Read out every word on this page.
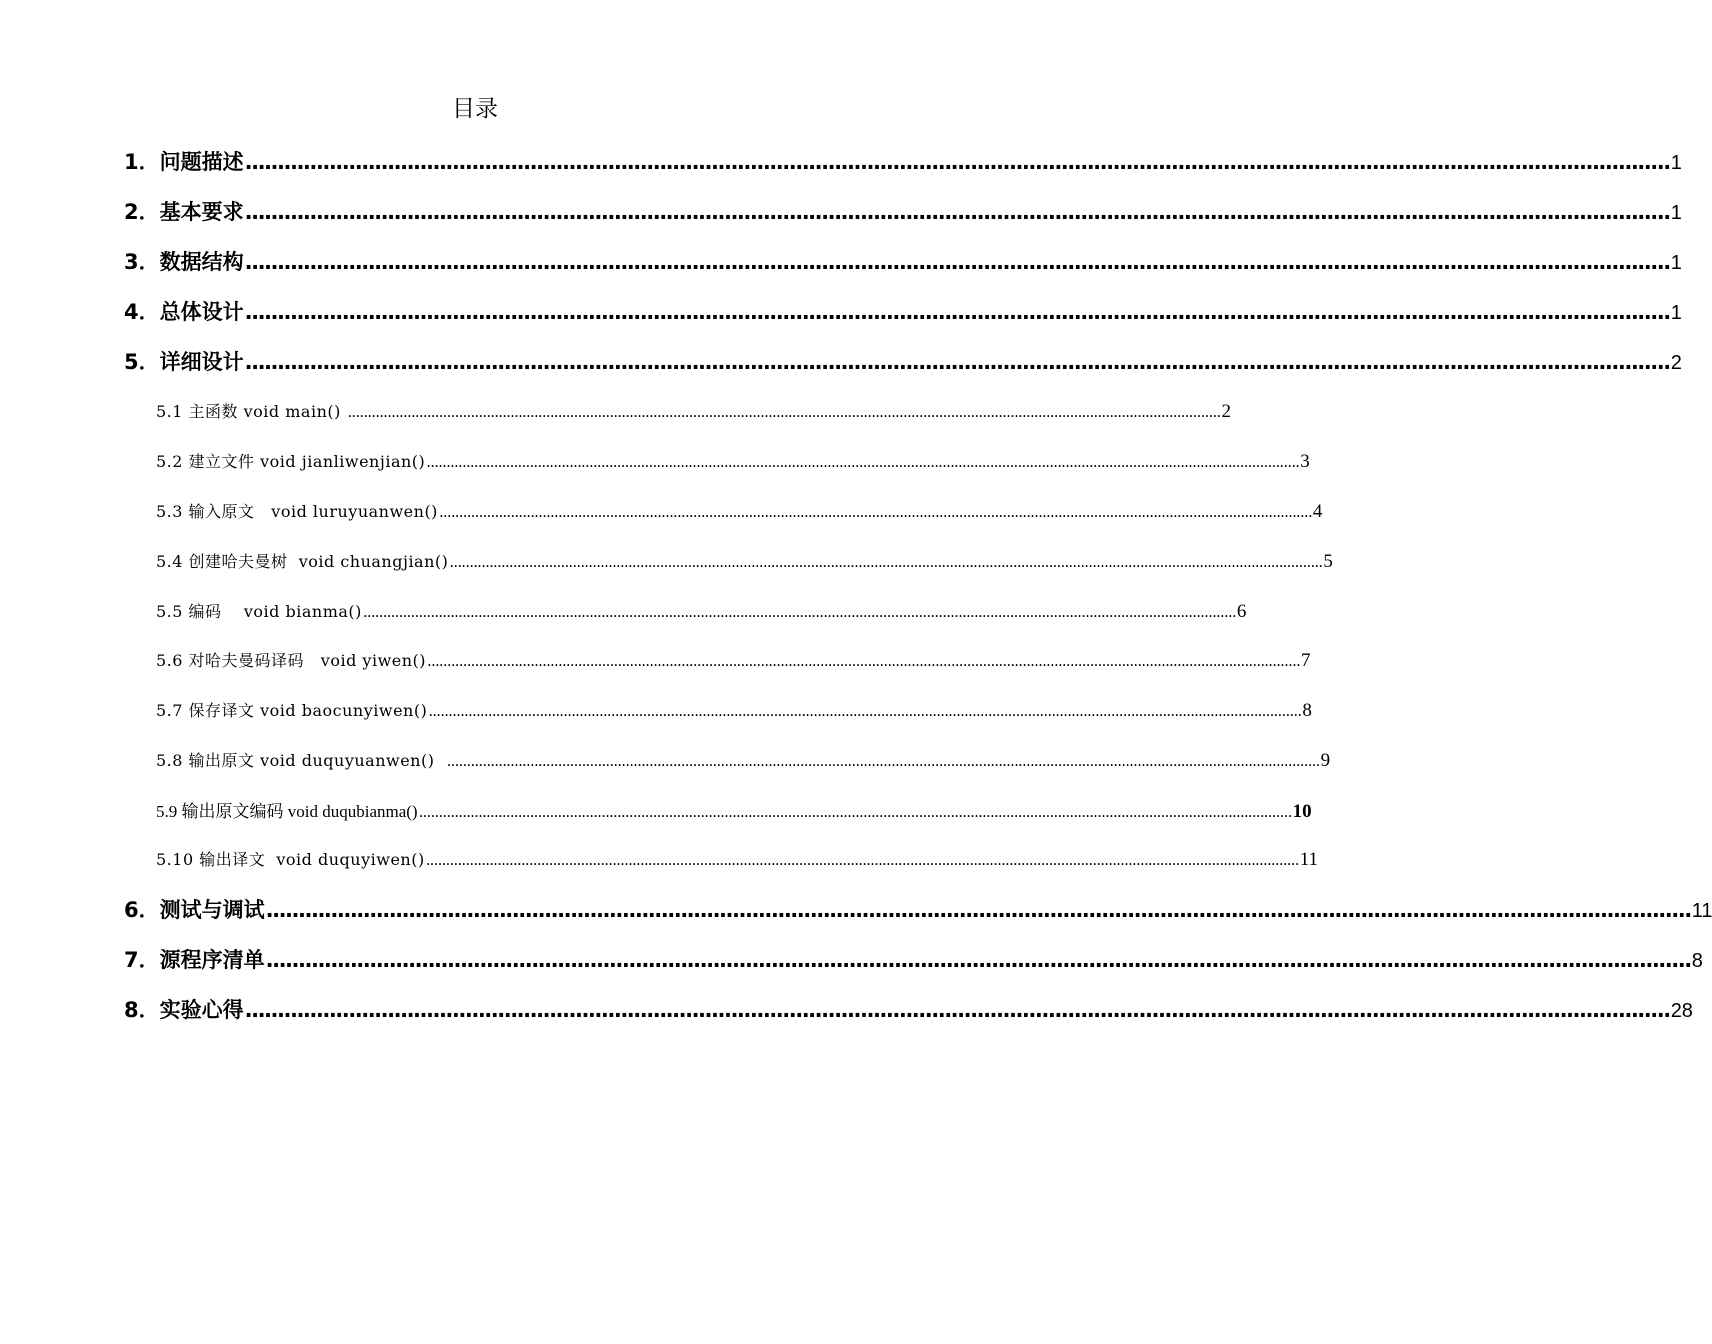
目录
1．问题描述 ............................................................................................................................................................................................................................ 1
2．基本要求 ............................................................................................................................................................................................................................ 1
3．数据结构 ............................................................................................................................................................................................................................ 1
4．总体设计 ............................................................................................................................................................................................................................ 1
5．详细设计 ............................................................................................................................................................................................................................ 2
5.1 主函数 void main() ............................................................................................................................................................................................................................ 2
5.2 建立文件 void jianliwenjian() ............................................................................................................................................................................................................................ 3
5.3 输入原文   void luruyuanwen() ............................................................................................................................................................................................................................ 4
5.4 创建哈夫曼树  void chuangjian() ............................................................................................................................................................................................................................ 5
5.5 编码    void bianma() ............................................................................................................................................................................................................................ 6
5.6 对哈夫曼码译码   void yiwen() ............................................................................................................................................................................................................................ 7
5.7 保存译文 void baocunyiwen() ............................................................................................................................................................................................................................ 8
5.8 输出原文 void duquyuanwen() ............................................................................................................................................................................................................................ 9
5.9 输出原文编码 void duqubianma() ............................................................................................................................................................................................................................ 10
5.10 输出译文  void duquyiwen() ............................................................................................................................................................................................................................ 11
6．测试与调试 ............................................................................................................................................................................................................................ 11
7．源程序清单 ............................................................................................................................................................................................................................ 8
8．实验心得 ............................................................................................................................................................................................................................ 28
